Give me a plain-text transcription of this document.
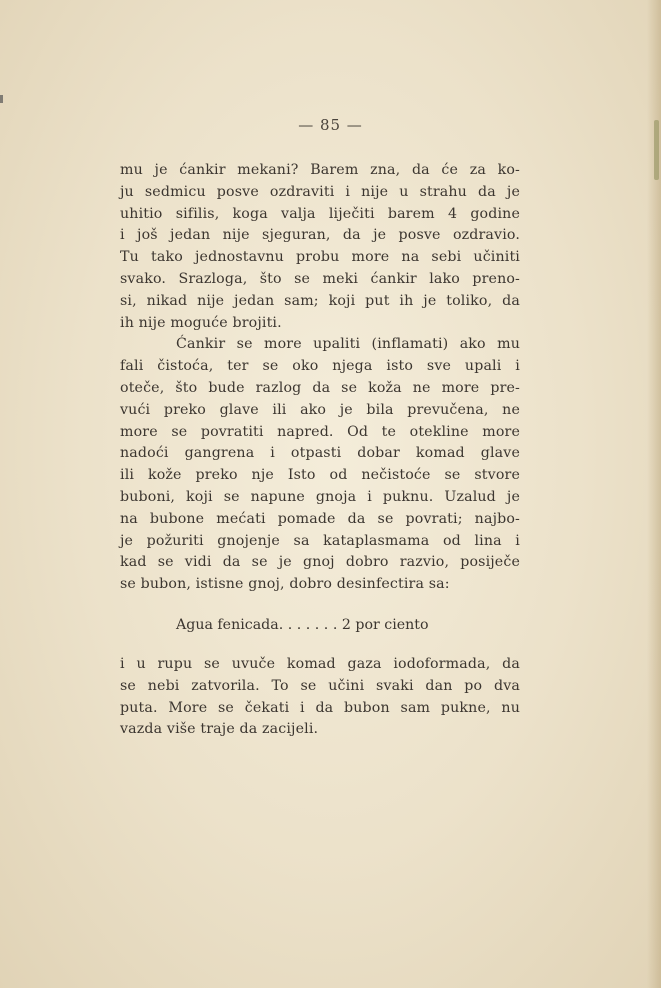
— 85 —
mu je ćankir mekani? Barem zna, da će za ko-
ju sedmicu posve ozdraviti i nije u strahu da je
uhitio sifilis, koga valja liječiti barem 4 godine
i još jedan nije sjeguran, da je posve ozdravio.
Tu tako jednostavnu probu more na sebi učiniti
svako. Srazloga, što se meki ćankir lako preno-
si, nikad nije jedan sam; koji put ih je toliko, da
ih nije moguće brojiti.
Ćankir se more upaliti (inflamati) ako mu
fali čistoća, ter se oko njega isto sve upali i
oteče, što bude razlog da se koža ne more pre-
vući preko glave ili ako je bila prevučena, ne
more se povratiti napred. Od te otekline more
nadoći gangrena i otpasti dobar komad glave
ili kože preko nje Isto od nečistoće se stvore
buboni, koji se napune gnoja i puknu. Uzalud je
na bubone mećati pomade da se povrati; najbo-
je požuriti gnojenje sa kataplasmama od lina i
kad se vidi da se je gnoj dobro razvio, posiječe
se bubon, istisne gnoj, dobro desinfectira sa:
Agua fenicada. . . . . . . 2 por ciento
i u rupu se uvuče komad gaza iodoformada, da
se nebi zatvorila. To se učini svaki dan po dva
puta. More se čekati i da bubon sam pukne, nu
vazda više traje da zacijeli.
